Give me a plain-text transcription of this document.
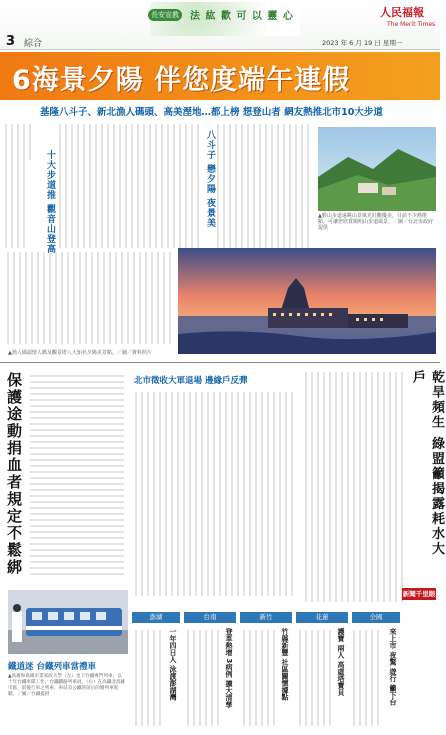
3 綜合
長安宣教	法 紘 歡 可 以 靈 心	人民福報
The Merit Times
2023 年 6 月 19 日 星期一
6海景夕陽 伴您度端午連假
基隆八斗子、新北漁人碼頭、高美溼地…都上榜 想登山者 網友熱推北市10大步道
十大步道推 觀音山登高	八斗子 戀夕陽 夜景美	▲猴山步道遠眺山景風光壯觀優美，目前不少熱推點，可讓您欣賞陽明山步道風景。／圖／台北市政府提供
▲漁人碼頭情人橋及觀景塔八大知名夕陽美景點。／圖／資料照片
保護途動捐血者規定不鬆綁
鐵道迷 台鐵列車當禮車
▲高雄和高雄市業家政大學（左）也下台鐵專門列車，以十年台鐵車隊工作，台鐵鐵路列車員。（右）在高鐵北高雄市區，前後行車之列車，車站及公鐵的前后的婚列車駕駛。／圖／台鐵提供
北市徵收大軍退場 邊緣戶反彈	乾旱頻生 綠盟籲揭露耗水大戶
新聞千里眼
澎湖	台南	新竹	花蓮	全國
一年四日人 泳渡澎湖灣	登革熱增 3病例 擴大清孳	竹縣新豐 社區關懷據點	護寶 兩人 高虛塔寶貝	來上市 夜驚 遊行 籲下台
